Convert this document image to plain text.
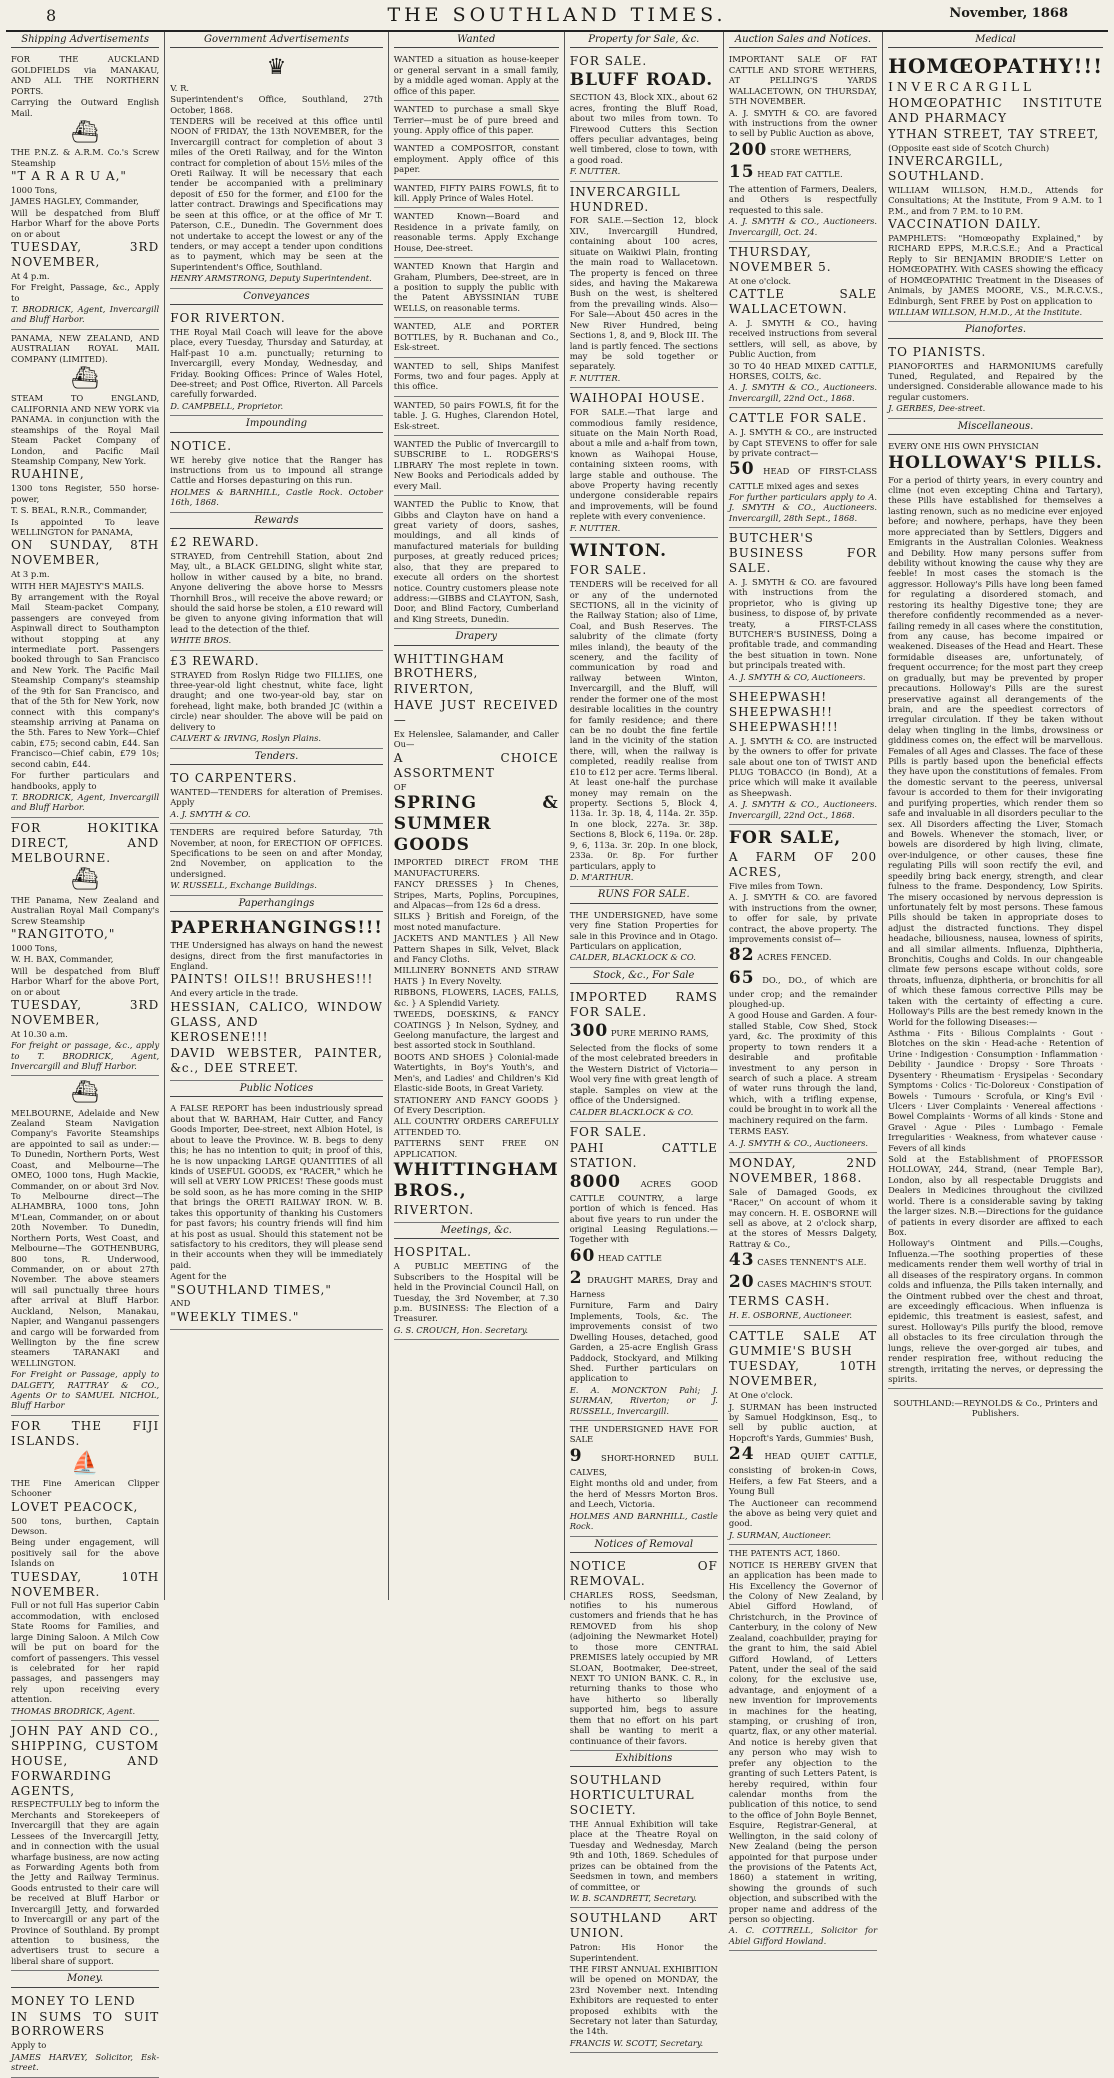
8	THE SOUTHLAND TIMES.	November, 1868
Shipping Advertisements

FOR THE AUCKLAND GOLDFIELDS via MANAKAU, AND ALL THE NORTHERN PORTS.

Carrying the Outward English Mail.

⛴

THE P.N.Z. & A.R.M. Co.'s Screw Steamship

"T A R A R U A,"

1000 Tons,

JAMES HAGLEY, Commander,

Will be despatched from Bluff Harbor Wharf for the above Ports on or about

TUESDAY, 3RD NOVEMBER,

At 4 p.m.

For Freight, Passage, &c., Apply to

T. BRODRICK, Agent, Invercargill and Bluff Harbor.

PANAMA, NEW ZEALAND, AND AUSTRALIAN ROYAL MAIL COMPANY (LIMITED).

⛴

STEAM TO ENGLAND, CALIFORNIA AND NEW YORK via PANAMA. in conjunction with the steamships of the Royal Mail Steam Packet Company of London, and Pacific Mail Steamship Company, New York.

RUAHINE,

1300 tons Register, 550 horse-power,

T. S. BEAL, R.N.R., Commander,

Is appointed To leave WELLINGTON for PANAMA,

ON SUNDAY, 8TH NOVEMBER,

At 3 p.m.

WITH HER MAJESTY'S MAILS.

By arrangement with the Royal Mail Steam-packet Company, passengers are conveyed from Aspinwall direct to Southampton without stopping at any intermediate port. Passengers booked through to San Francisco and New York. The Pacific Mail Steamship Company's steamship of the 9th for San Francisco, and that of the 5th for New York, now connect with this company's steamship arriving at Panama on the 5th. Fares to New York—Chief cabin, £75; second cabin, £44. San Francisco—Chief cabin, £79 10s; second cabin, £44.

For further particulars and handbooks, apply to

T. BRODRICK, Agent, Invercargill and Bluff Harbor.

FOR HOKITIKA DIRECT, AND MELBOURNE.

⛴

THE Panama, New Zealand and Australian Royal Mail Company's Screw Steamship

"RANGITOTO,"

1000 Tons,

W. H. BAX, Commander,

Will be despatched from Bluff Harbor Wharf for the above Port, on or about

TUESDAY, 3RD NOVEMBER,

At 10.30 a.m.

For freight or passage, &c., apply to T. BRODRICK, Agent, Invercargill and Bluff Harbor.

⛴

MELBOURNE, Adelaide and New Zealand Steam Navigation Company's Favorite Steamships are appointed to sail as under:— To Dunedin, Northern Ports, West Coast, and Melbourne—The OMEO, 1000 tons, Hugh Mackie, Commander, on or about 3rd Nov. To Melbourne direct—The ALHAMBRA, 1000 tons, John M'Lean, Commander, on or about 20th November. To Dunedin, Northern Ports, West Coast, and Melbourne—The GOTHENBURG, 800 tons, R. Underwood, Commander, on or about 27th November. The above steamers will sail punctually three hours after arrival at Bluff Harbor. Auckland, Nelson, Manakau, Napier, and Wanganui passengers and cargo will be forwarded from Wellington by the fine screw steamers TARANAKI and WELLINGTON.

For Freight or Passage, apply to DALGETY, RATTRAY & CO., Agents Or to SAMUEL NICHOL, Bluff Harbor

FOR THE FIJI ISLANDS.

⛵

THE Fine American Clipper Schooner

LOVET PEACOCK,

500 tons, burthen, Captain Dewson.

Being under engagement, will positively sail for the above Islands on

TUESDAY, 10TH NOVEMBER.

Full or not full Has superior Cabin accommodation, with enclosed State Rooms for Families, and large Dining Saloon. A Milch Cow will be put on board for the comfort of passengers. This vessel is celebrated for her rapid passages, and passengers may rely upon receiving every attention.

THOMAS BRODRICK, Agent.

JOHN PAY AND CO., SHIPPING, CUSTOM HOUSE, AND FORWARDING AGENTS,

RESPECTFULLY beg to inform the Merchants and Storekeepers of Invercargill that they are again Lessees of the Invercargill Jetty, and in connection with the usual wharfage business, are now acting as Forwarding Agents both from the Jetty and Railway Terminus. Goods entrusted to their care will be received at Bluff Harbor or Invercargill Jetty, and forwarded to Invercargill or any part of the Province of Southland. By prompt attention to business, the advertisers trust to secure a liberal share of support.

Money.

MONEY TO LEND

IN SUMS TO SUIT BORROWERS

Apply to

JAMES HARVEY, Solicitor, Esk-street.

Government Advertisements
♛

V. R.

Superintendent's Office, Southland, 27th October, 1868.

TENDERS will be received at this office until NOON of FRIDAY, the 13th NOVEMBER, for the Invercargill contract for completion of about 3 miles of the Oreti Railway, and for the Winton contract for completion of about 15½ miles of the Oreti Railway. It will be necessary that each tender be accompanied with a preliminary deposit of £50 for the former, and £100 for the latter contract. Drawings and Specifications may be seen at this office, or at the office of Mr T. Paterson, C.E., Dunedin. The Government does not undertake to accept the lowest or any of the tenders, or may accept a tender upon conditions as to payment, which may be seen at the Superintendent's Office, Southland.

HENRY ARMSTRONG, Deputy Superintendent.

Conveyances

FOR RIVERTON.

THE Royal Mail Coach will leave for the above place, every Tuesday, Thursday and Saturday, at Half-past 10 a.m. punctually; returning to Invercargill, every Monday, Wednesday, and Friday. Booking Offices: Prince of Wales Hotel, Dee-street; and Post Office, Riverton. All Parcels carefully forwarded.

D. CAMPBELL, Proprietor.

Impounding

NOTICE.

WE hereby give notice that the Ranger has instructions from us to impound all strange Cattle and Horses depasturing on this run.

HOLMES & BARNHILL, Castle Rock. October 16th, 1868.

Rewards

£2 REWARD.

STRAYED, from Centrehill Station, about 2nd May, ult., a BLACK GELDING, slight white star, hollow in wither caused by a bite, no brand. Anyone delivering the above horse to Messrs Thornhill Bros., will receive the above reward; or should the said horse be stolen, a £10 reward will be given to anyone giving information that will lead to the detection of the thief.

WHITE BROS.

£3 REWARD.

STRAYED from Roslyn Ridge two FILLIES, one three-year-old light chestnut, white face, light draught; and one two-year-old bay, star on forehead, light make, both branded JC (within a circle) near shoulder. The above will be paid on delivery to

CALVERT & IRVING, Roslyn Plains.

Tenders.

TO CARPENTERS.

WANTED—TENDERS for alteration of Premises. Apply

A. J. SMYTH & CO.

TENDERS are required before Saturday, 7th November, at noon, for ERECTION OF OFFICES. Specifications to be seen on and after Monday, 2nd November, on application to the undersigned.

W. RUSSELL, Exchange Buildings.

Paperhangings

PAPERHANGINGS!!!

THE Undersigned has always on hand the newest designs, direct from the first manufactories in England.

PAINTS! OILS!! BRUSHES!!!

And every article in the trade.

HESSIAN, CALICO, WINDOW GLASS, AND

KEROSENE!!!

DAVID WEBSTER, PAINTER, &c., DEE STREET.

Public Notices

A FALSE REPORT has been industriously spread about that W. BARHAM, Hair Cutter, and Fancy Goods Importer, Dee-street, next Albion Hotel, is about to leave the Province. W. B. begs to deny this; he has no intention to quit; in proof of this, he is now unpacking LARGE QUANTITIES of all kinds of USEFUL GOODS, ex "RACER," which he will sell at VERY LOW PRICES! These goods must be sold soon, as he has more coming in the SHIP that brings the ORETI RAILWAY IRON. W. B. takes this opportunity of thanking his Customers for past favors; his country friends will find him at his post as usual. Should this statement not be satisfactory to his creditors, they will please send in their accounts when they will be immediately paid.

Agent for the

"SOUTHLAND TIMES,"

AND

"WEEKLY TIMES."

Wanted

WANTED a situation as house-keeper or general servant in a small family, by a middle aged woman. Apply at the office of this paper.

WANTED to purchase a small Skye Terrier—must be of pure breed and young. Apply office of this paper.

WANTED a COMPOSITOR, constant employment. Apply office of this paper.

WANTED, FIFTY PAIRS FOWLS, fit to kill. Apply Prince of Wales Hotel.

WANTED Known—Board and Residence in a private family, on reasonable terms. Apply Exchange House, Dee-street.

WANTED Known that Hargin and Graham, Plumbers, Dee-street, are in a position to supply the public with the Patent ABYSSINIAN TUBE WELLS, on reasonable terms.

WANTED, ALE and PORTER BOTTLES, by R. Buchanan and Co., Esk-street.

WANTED to sell, Ships Manifest Forms, two and four pages. Apply at this office.

WANTED, 50 pairs FOWLS, fit for the table. J. G. Hughes, Clarendon Hotel, Esk-street.

WANTED the Public of Invercargill to SUBSCRIBE to L. RODGERS'S LIBRARY The most replete in town. New Books and Periodicals added by every Mail.

WANTED the Public to Know, that Gibbs and Clayton have on hand a great variety of doors, sashes, mouldings, and all kinds of manufactured materials for building purposes, at greatly reduced prices; also, that they are prepared to execute all orders on the shortest notice. Country customers please note address:—GIBBS and CLAYTON, Sash, Door, and Blind Factory, Cumberland and King Streets, Dunedin.

Drapery

WHITTINGHAM BROTHERS,

RIVERTON,

HAVE JUST RECEIVED—

Ex Helenslee, Salamander, and Caller Ou—

A CHOICE ASSORTMENT

OF

SPRING & SUMMER GOODS

IMPORTED DIRECT FROM THE MANUFACTURERS.

FANCY DRESSES } In Chenes, Stripes, Marts, Poplins, Porcupines, and Alpacas—from 12s 6d a dress.

SILKS } British and Foreign, of the most noted manufacture.

JACKETS AND MANTLES } All New Pattern Shapes in Silk, Velvet, Black and Fancy Cloths.

MILLINERY BONNETS AND STRAW HATS } In Every Novelty.

RIBBONS, FLOWERS, LACES, FALLS, &c. } A Splendid Variety.

TWEEDS, DOESKINS, & FANCY COATINGS } In Nelson, Sydney, and Geelong manufacture, the largest and best assorted stock in Southland.

BOOTS AND SHOES } Colonial-made Watertights, in Boy's Youth's, and Men's, and Ladies' and Children's Kid Elastic-side Boots, in Great Variety.

STATIONERY AND FANCY GOODS } Of Every Description.

ALL COUNTRY ORDERS CAREFULLY ATTENDED TO.

PATTERNS SENT FREE ON APPLICATION.

WHITTINGHAM BROS.,

RIVERTON.

Meetings, &c.

HOSPITAL.

A PUBLIC MEETING of the Subscribers to the Hospital will be held in the Provincial Council Hall, on Tuesday, the 3rd November, at 7.30 p.m. BUSINESS: The Election of a Treasurer.

G. S. CROUCH, Hon. Secretary.

Property for Sale, &c.

FOR SALE.

BLUFF ROAD.

SECTION 43, Block XIX., about 62 acres, fronting the Bluff Road, about two miles from town. To Firewood Cutters this Section offers peculiar advantages, being well timbered, close to town, with a good road.

F. NUTTER.

INVERCARGILL HUNDRED.

FOR SALE.—Section 12, block XIV., Invercargill Hundred, containing about 100 acres, situate on Waikiwi Plain, fronting the main road to Wallacetown. The property is fenced on three sides, and having the Makarewa Bush on the west, is sheltered from the prevailing winds. Also— For Sale—About 450 acres in the New River Hundred, being Sections 1, 8, and 9, Block III. The land is partly fenced. The sections may be sold together or separately.

F. NUTTER.

WAIHOPAI HOUSE.

FOR SALE.—That large and commodious family residence, situate on the Main North Road, about a mile and a-half from town, known as Waihopai House, containing sixteen rooms, with large stable and outhouse. The above Property having recently undergone considerable repairs and improvements, will be found replete with every convenience.

F. NUTTER.

WINTON.

FOR SALE.

TENDERS will be received for all or any of the undernoted SECTIONS, all in the vicinity of the Railway Station; also of Lime, Coal, and Bush Reserves. The salubrity of the climate (forty miles inland), the beauty of the scenery, and the facility of communication by road and railway between Winton, Invercargill, and the Bluff, will render the former one of the most desirable localities in the country for family residence; and there can be no doubt the fine fertile land in the vicinity of the station there, will, when the railway is completed, readily realise from £10 to £12 per acre. Terms liberal. At least one-half the purchase money may remain on the property. Sections 5, Block 4, 113a. 1r. 3p. 18, 4, 114a. 2r. 35p. In one block, 227a. 3r. 38p. Sections 8, Block 6, 119a. 0r. 28p. 9, 6, 113a. 3r. 20p. In one block, 233a. 0r. 8p. For further particulars, apply to

D. M'ARTHUR.

RUNS FOR SALE.

THE UNDERSIGNED, have some very fine Station Properties for sale in this Province and in Otago. Particulars on application,

CALDER, BLACKLOCK & CO.

Stock, &c., For Sale

IMPORTED RAMS FOR SALE.

300 PURE MERINO RAMS,

Selected from the flocks of some of the most celebrated breeders in the Western District of Victoria—Wool very fine with great length of staple. Samples on view at the office of the Undersigned.

CALDER BLACKLOCK & CO.

FOR SALE.

PAHI CATTLE STATION.

8000 ACRES GOOD CATTLE COUNTRY, a large portion of which is fenced. Has about five years to run under the original Leasing Regulations.—Together with

60 HEAD CATTLE

2 DRAUGHT MARES, Dray and Harness

Furniture, Farm and Dairy Implements, Tools, &c. The improvements consist of two Dwelling Houses, detached, good Garden, a 25-acre English Grass Paddock, Stockyard, and Milking Shed. Further particulars on application to

E. A. MONCKTON Pahi; J. SURMAN, Riverton; or J. RUSSELL, Invercargill.

THE UNDERSIGNED HAVE FOR SALE

9 SHORT-HORNED BULL CALVES,

Eight months old and under, from the herd of Messrs Morton Bros. and Leech, Victoria.

HOLMES AND BARNHILL, Castle Rock.

Notices of Removal

NOTICE OF REMOVAL.

CHARLES ROSS, Seedsman, notifies to his numerous customers and friends that he has REMOVED from his shop (adjoining the Newmarket Hotel) to those more CENTRAL PREMISES lately occupied by MR SLOAN, Bootmaker, Dee-street, NEXT TO UNION BANK. C. R., in returning thanks to those who have hitherto so liberally supported him, begs to assure them that no effort on his part shall be wanting to merit a continuance of their favors.

Exhibitions

SOUTHLAND HORTICULTURAL SOCIETY.

THE Annual Exhibition will take place at the Theatre Royal on Tuesday and Wednesday, March 9th and 10th, 1869. Schedules of prizes can be obtained from the Seedsmen in town, and members of committee, or

W. B. SCANDRETT, Secretary.

SOUTHLAND ART UNION.

Patron: His Honor the Superintendent.

THE FIRST ANNUAL EXHIBITION will be opened on MONDAY, the 23rd November next. Intending Exhibitors are requested to enter proposed exhibits with the Secretary not later than Saturday, the 14th.

FRANCIS W. SCOTT, Secretary.

Auction Sales and Notices.

IMPORTANT SALE OF FAT CATTLE AND STORE WETHERS, AT PELLING'S YARDS WALLACETOWN, ON THURSDAY, 5TH NOVEMBER.

A. J. SMYTH & CO. are favored with instructions from the owner to sell by Public Auction as above,

200 STORE WETHERS,

15 HEAD FAT CATTLE.

The attention of Farmers, Dealers, and Others is respectfully requested to this sale.

A. J. SMYTH & CO., Auctioneers. Invercargill, Oct. 24.

THURSDAY, NOVEMBER 5.

At one o'clock.

CATTLE SALE WALLACETOWN.

A. J. SMYTH & CO., having received instructions from several settlers, will sell, as above, by Public Auction, from

30 TO 40 HEAD MIXED CATTLE, HORSES, COLTS, &c.

A. J. SMYTH & CO., Auctioneers. Invercargill, 22nd Oct., 1868.

CATTLE FOR SALE.

A. J. SMYTH & CO., are instructed by Capt STEVENS to offer for sale by private contract—

50 HEAD OF FIRST-CLASS CATTLE mixed ages and sexes

For further particulars apply to A. J. SMYTH & CO., Auctioneers. Invercargill, 28th Sept., 1868.

BUTCHER'S BUSINESS FOR SALE.

A. J. SMYTH & CO. are favoured with instructions from the proprietor, who is giving up business, to dispose of, by private treaty, a FIRST-CLASS BUTCHER'S BUSINESS, Doing a profitable trade, and commanding the best situation in town. None but principals treated with.

A. J. SMYTH & CO, Auctioneers.

SHEEPWASH! SHEEPWASH!! SHEEPWASH!!!

A. J. SMYTH & CO. are instructed by the owners to offer for private sale about one ton of TWIST AND PLUG TOBACCO (in Bond), At a price which will make it available as Sheepwash.

A. J. SMYTH & CO., Auctioneers. Invercargill, 22nd Oct., 1868.

FOR SALE,

A FARM OF 200 ACRES,

Five miles from Town.

A. J. SMYTH & CO. are favored with instructions from the owner, to offer for sale, by private contract, the above property. The improvements consist of—

82 ACRES FENCED.

65 DO., DO., of which are under crop; and the remainder ploughed-up.

A good House and Garden. A four-stalled Stable, Cow Shed, Stock yard, &c. The proximity of this property to town renders it a desirable and profitable investment to any person in search of such a place. A stream of water runs through the land, which, with a trifling expense, could be brought in to work all the machinery required on the farm.

TERMS EASY.

A. J. SMYTH & CO., Auctioneers.

MONDAY, 2ND NOVEMBER, 1868.

Sale of Damaged Goods, ex "Racer," On account of whom it may concern. H. E. OSBORNE will sell as above, at 2 o'clock sharp, at the stores of Messrs Dalgety, Rattray & Co.,

43 CASES TENNENT'S ALE.

20 CASES MACHIN'S STOUT.

TERMS CASH.

H. E. OSBORNE, Auctioneer.

CATTLE SALE AT GUMMIE'S BUSH

TUESDAY, 10TH NOVEMBER,

At One o'clock.

J. SURMAN has been instructed by Samuel Hodgkinson, Esq., to sell by public auction, at Hopcroft's Yards, Gummies' Bush,

24 HEAD QUIET CATTLE, consisting of broken-in Cows, Heifers, a few Fat Steers, and a Young Bull

The Auctioneer can recommend the above as being very quiet and good.

J. SURMAN, Auctioneer.

THE PATENTS ACT, 1860.

NOTICE IS HEREBY GIVEN that an application has been made to His Excellency the Governor of the Colony of New Zealand, by Abiel Gifford Howland, of Christchurch, in the Province of Canterbury, in the colony of New Zealand, coachbuilder, praying for the grant to him, the said Abiel Gifford Howland, of Letters Patent, under the seal of the said colony, for the exclusive use, advantage, and enjoyment of a new invention for improvements in machines for the heating, stamping, or crushing of iron, quartz, flax, or any other material. And notice is hereby given that any person who may wish to prefer any objection to the granting of such Letters Patent, is hereby required, within four calendar months from the publication of this notice, to send to the office of John Boyle Bennet, Esquire, Registrar-General, at Wellington, in the said colony of New Zealand (being the person appointed for that purpose under the provisions of the Patents Act, 1860) a statement in writing, showing the grounds of such objection, and subscribed with the proper name and address of the person so objecting.

A. C. COTTRELL, Solicitor for Abiel Gifford Howland.

Medical

HOMŒOPATHY!!!

INVERCARGILL

HOMŒOPATHIC INSTITUTE AND PHARMACY

YTHAN STREET, TAY STREET,

(Opposite east side of Scotch Church)

INVERCARGILL, SOUTHLAND.

WILLIAM WILLSON, H.M.D., Attends for Consultations; At the Institute, From 9 A.M. to 1 P.M., and from 7 P.M. to 10 P.M.

VACCINATION DAILY.

PAMPHLETS: "Homœopathy Explained," by RICHARD EPPS, M.R.C.S.E.; And a Practical Reply to Sir BENJAMIN BRODIE'S Letter on HOMŒOPATHY. With CASES showing the efficacy of HOMŒOPATHIC Treatment in the Diseases of Animals, by JAMES MOORE, V.S., M.R.C.V.S., Edinburgh, Sent FREE by Post on application to

WILLIAM WILLSON, H.M.D., At the Institute.

Pianofortes.

TO PIANISTS.

PIANOFORTES and HARMONIUMS carefully Tuned, Regulated, and Repaired by the undersigned. Considerable allowance made to his regular customers.

J. GERBES, Dee-street.

Miscellaneous.

EVERY ONE HIS OWN PHYSICIAN

HOLLOWAY'S PILLS.

For a period of thirty years, in every country and clime (not even excepting China and Tartary), these Pills have established for themselves a lasting renown, such as no medicine ever enjoyed before; and nowhere, perhaps, have they been more appreciated than by Settlers, Diggers and Emigrants in the Australian Colonies. Weakness and Debility. How many persons suffer from debility without knowing the cause why they are feeble! In most cases the stomach is the aggressor. Holloway's Pills have long been famed for regulating a disordered stomach, and restoring its healthy Digestive tone; they are therefore confidently recommended as a never-failing remedy in all cases where the constitution, from any cause, has become impaired or weakened. Diseases of the Head and Heart. These formidable diseases are, unfortunately, of frequent occurrence; for the most part they creep on gradually, but may be prevented by proper precautions. Holloway's Pills are the surest preservative against all derangements of the brain, and are the speediest correctors of irregular circulation. If they be taken without delay when tingling in the limbs, drowsiness or giddiness comes on, the effect will be marvellous. Females of all Ages and Classes. The face of these Pills is partly based upon the beneficial effects they have upon the constitutions of females. From the domestic servant to the peeress, universal favour is accorded to them for their invigorating and purifying properties, which render them so safe and invaluable in all disorders peculiar to the sex. All Disorders affecting the Liver, Stomach and Bowels. Whenever the stomach, liver, or bowels are disordered by high living, climate, over-indulgence, or other causes, these fine regulating Pills will soon rectify the evil, and speedily bring back energy, strength, and clear fulness to the frame. Despondency, Low Spirits. The misery occasioned by nervous depression is unfortunately felt by most persons. These famous Pills should be taken in appropriate doses to adjust the distracted functions. They dispel headache, biliousness, nausea, lowness of spirits, and all similar ailments. Influenza, Diphtheria, Bronchitis, Coughs and Colds. In our changeable climate few persons escape without colds, sore throats, influenza, diphtheria, or bronchitis for all of which these famous corrective Pills may be taken with the certainty of effecting a cure. Holloway's Pills are the best remedy known in the World for the following Diseases:—

Asthma · Fits · Bilious Complaints · Gout · Blotches on the skin · Head-ache · Retention of Urine · Indigestion · Consumption · Inflammation · Debility · Jaundice · Dropsy · Sore Throats · Dysentery · Rheumatism · Erysipelas · Secondary Symptoms · Colics · Tic-Doloreux · Constipation of Bowels · Tumours · Scrofula, or King's Evil · Ulcers · Liver Complaints · Venereal affections · Bowel Complaints · Worms of all kinds · Stone and Gravel · Ague · Piles · Lumbago · Female Irregularities · Weakness, from whatever cause · Fevers of all kinds

Sold at the Establishment of PROFESSOR HOLLOWAY, 244, Strand, (near Temple Bar), London, also by all respectable Druggists and Dealers in Medicines throughout the civilized world. There is a considerable saving by taking the larger sizes. N.B.—Directions for the guidance of patients in every disorder are affixed to each Box.

Holloway's Ointment and Pills.—Coughs, Influenza.—The soothing properties of these medicaments render them well worthy of trial in all diseases of the respiratory organs. In common colds and influenza, the Pills taken internally, and the Ointment rubbed over the chest and throat, are exceedingly efficacious. When influenza is epidemic, this treatment is easiest, safest, and surest. Holloway's Pills purify the blood, remove all obstacles to its free circulation through the lungs, relieve the over-gorged air tubes, and render respiration free, without reducing the strength, irritating the nerves, or depressing the spirits.

SOUTHLAND:—REYNOLDS & Co., Printers and Publishers.
